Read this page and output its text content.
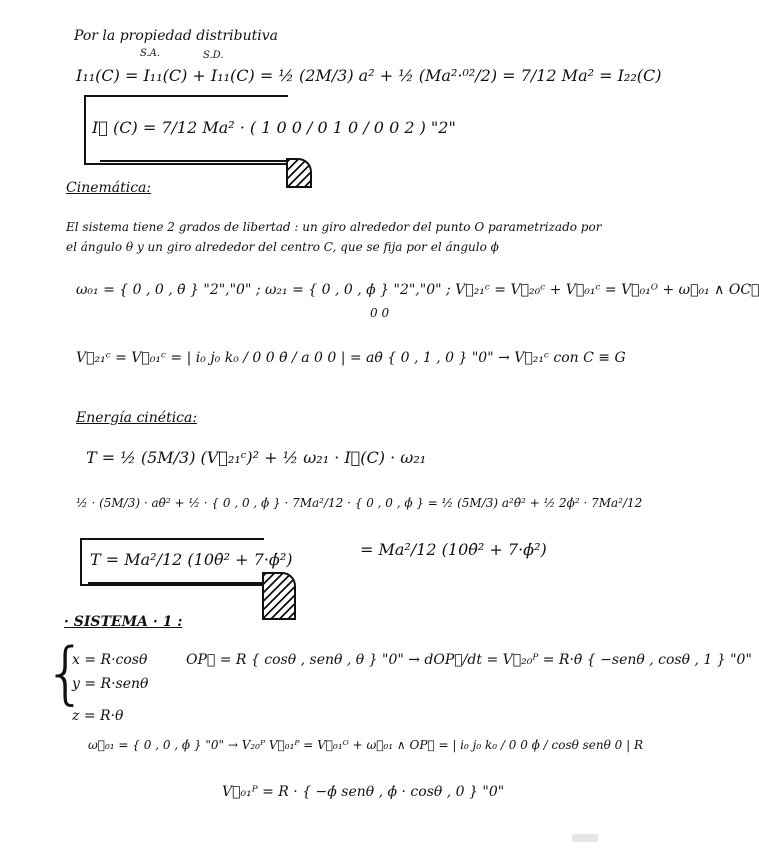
Por la propiedad distributiva
S.A.	S.D.
I₁₁(C) = I₁₁(C) + I₁₁(C) = ½ (2M/3) a² + ½ (Ma²·⁰²/2) = 7/12 Ma² = I₂₂(C)
I⃡ (C) = 7/12 Ma² · ( 1 0 0 / 0 1 0 / 0 0 2 ) "2"
Cinemática:
El sistema tiene 2 grados de libertad : un giro alrededor del punto O parametrizado por
el ángulo θ y un giro alrededor del centro C, que se fija por el ángulo ϕ
ω₀₁ = { 0 , 0 , θ̇ } "2","0" ; ω₂₁ = { 0 , 0 , ϕ̇ } "2","0" ; V⃗₂₁ᶜ = V⃗₂₀ᶜ + V⃗₀₁ᶜ = V⃗₀₁ᴼ + ω⃗₀₁ ∧ OC⃗
0 0
V⃗₂₁ᶜ = V⃗₀₁ᶜ = | i₀ j₀ k₀ / 0 0 θ̇ / a 0 0 | = aθ̇ { 0 , 1 , 0 } "0" → V⃗₂₁ᶜ con C ≡ G
Energía cinética:
T = ½ (5M/3) (V⃗₂₁ᶜ)² + ½ ω₂₁ · I⃡(C) · ω₂₁
½ · (5M/3) · aθ̇² + ½ · { 0 , 0 , ϕ̇ } · 7Ma²/12 · { 0 , 0 , ϕ̇ } = ½ (5M/3) a²θ̇² + ½ 2ϕ̇² · 7Ma²/12
T = Ma²/12 (10θ̇² + 7·ϕ̇²)
= Ma²/12 (10θ̇² + 7·ϕ̇²)
· SISTEMA · 1 :
{
x = R·cosθ
y = R·senθ
z = R·θ
OP⃗ = R { cosθ , senθ , θ } "0" → dOP⃗/dt = V⃗₂₀ᴾ = R·θ̇ { −senθ , cosθ , 1 } "0"
ω⃗₀₁ = { 0 , 0 , ϕ̇ } "0" → V₂₀ᴾ V⃗₀₁ᴾ = V⃗₀₁ᴼ + ω⃗₀₁ ∧ OP⃗ = | i₀ j₀ k₀ / 0 0 ϕ̇ / cosθ senθ 0 | R
V⃗₀₁ᴾ = R · { −ϕ̇ senθ , ϕ̇ · cosθ , 0 } "0"
